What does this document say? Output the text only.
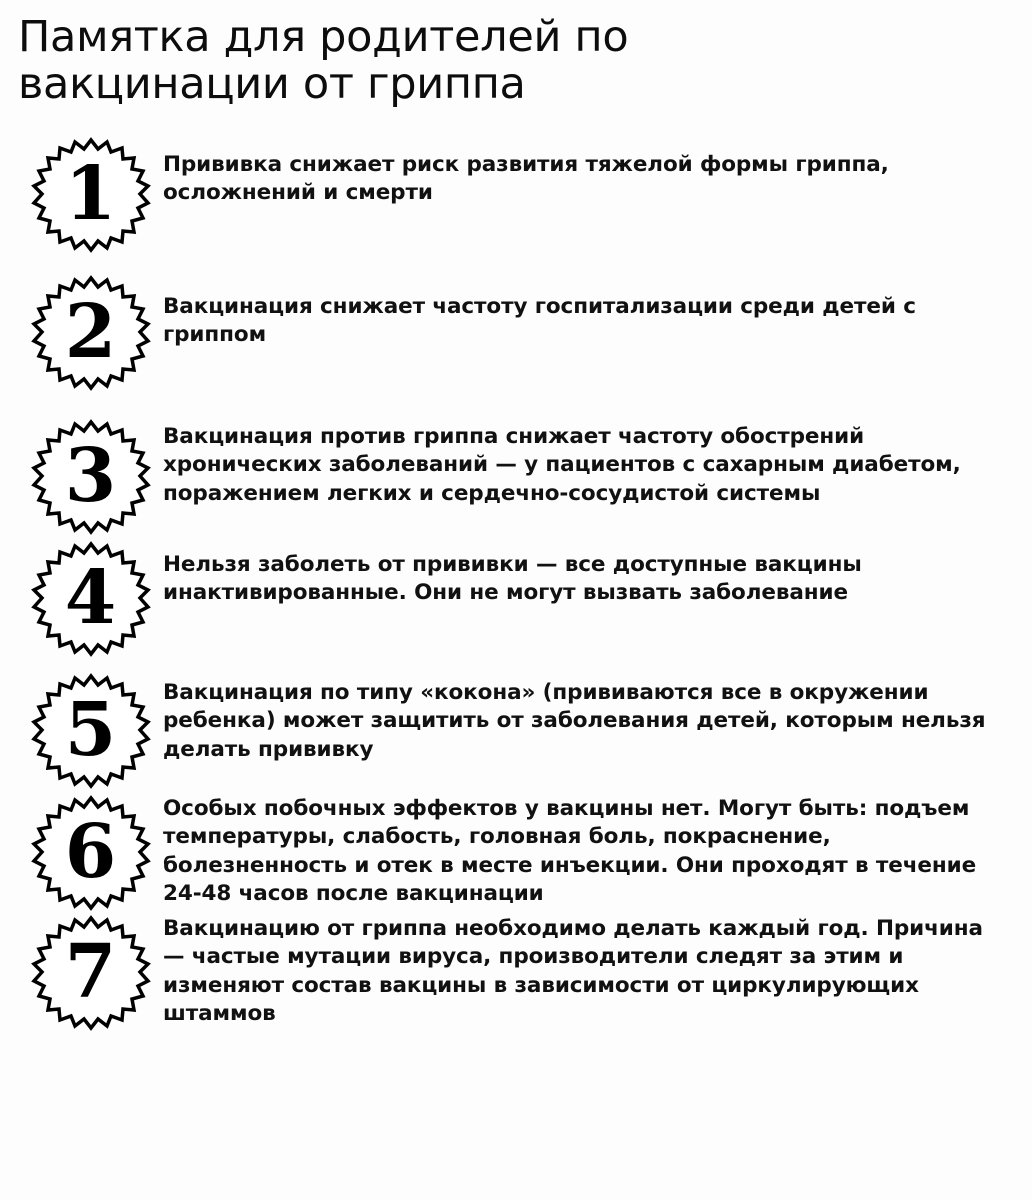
Памятка для родителей по вакцинации от гриппа
1 Прививка снижает риск развития тяжелой формы гриппа, осложнений и смерти
2 Вакцинация снижает частоту госпитализации среди детей с гриппом
3 Вакцинация против гриппа снижает частоту обострений хронических заболеваний — у пациентов с сахарным диабетом, поражением легких и сердечно-сосудистой системы
4 Нельзя заболеть от прививки — все доступные вакцины инактивированные. Они не могут вызвать заболевание
5 Вакцинация по типу «кокона» (прививаются все в окружении ребенка) может защитить от заболевания детей, которым нельзя делать прививку
6
Особых побочных эффектов у вакцины нет. Могут быть: подъем температуры, слабость, головная боль, покраснение, болезненность и отек в месте инъекции. Они проходят в течение 24-48 часов после вакцинации
7
Вакцинацию от гриппа необходимо делать каждый год. Причина — частые мутации вируса, производители следят за этим и изменяют состав вакцины в зависимости от циркулирующих штаммов
